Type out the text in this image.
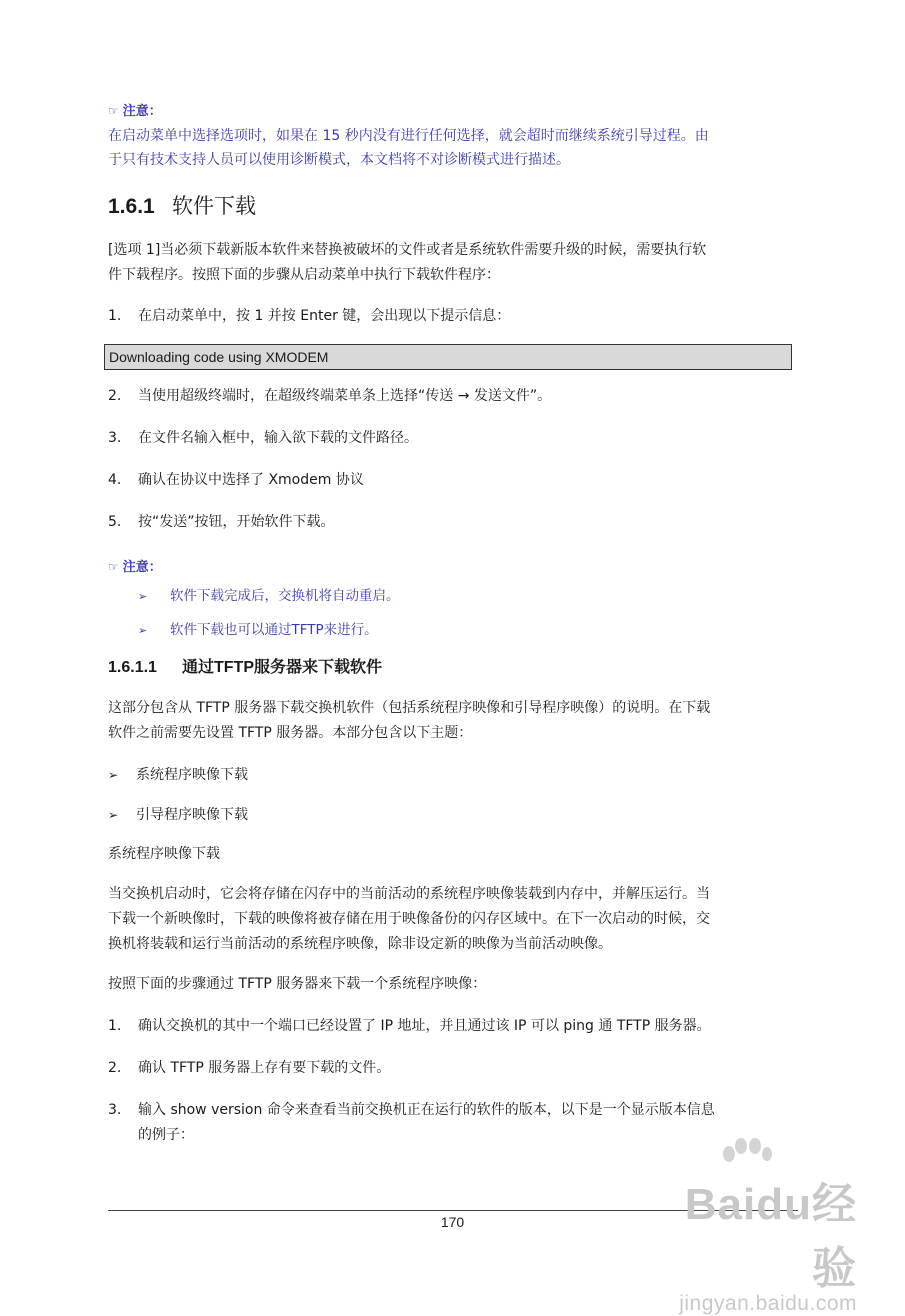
☞ 注意：
在启动菜单中选择选项时，如果在 15 秒内没有进行任何选择，就会超时而继续系统引导过程。由
于只有技术支持人员可以使用诊断模式，本文档将不对诊断模式进行描述。
1.6.1 软件下载
[选项 1]当必须下载新版本软件来替换被破坏的文件或者是系统软件需要升级的时候，需要执行软
件下载程序。按照下面的步骤从启动菜单中执行下载软件程序：
1. 在启动菜单中，按 1 并按 Enter 键，会出现以下提示信息：
Downloading code using XMODEM
2. 当使用超级终端时，在超级终端菜单条上选择“传送 → 发送文件”。
3. 在文件名输入框中，输入欲下载的文件路径。
4. 确认在协议中选择了 Xmodem 协议
5. 按“发送”按钮，开始软件下载。
☞ 注意：
➢ 软件下载完成后，交换机将自动重启。
➢ 软件下载也可以通过TFTP来进行。
1.6.1.1 通过TFTP服务器来下载软件
这部分包含从 TFTP 服务器下载交换机软件（包括系统程序映像和引导程序映像）的说明。在下载
软件之前需要先设置 TFTP 服务器。本部分包含以下主题：
➢ 系统程序映像下载
➢ 引导程序映像下载
系统程序映像下载
当交换机启动时，它会将存储在闪存中的当前活动的系统程序映像装载到内存中，并解压运行。当
下载一个新映像时，下载的映像将被存储在用于映像备份的闪存区域中。在下一次启动的时候，交
换机将装载和运行当前活动的系统程序映像，除非设定新的映像为当前活动映像。
按照下面的步骤通过 TFTP 服务器来下载一个系统程序映像：
1. 确认交换机的其中一个端口已经设置了 IP 地址，并且通过该 IP 可以 ping 通 TFTP 服务器。
2. 确认 TFTP 服务器上存有要下载的文件。
3. 输入 show version 命令来查看当前交换机正在运行的软件的版本，以下是一个显示版本信息
的例子：
170	Baidu经验
jingyan.baidu.com
